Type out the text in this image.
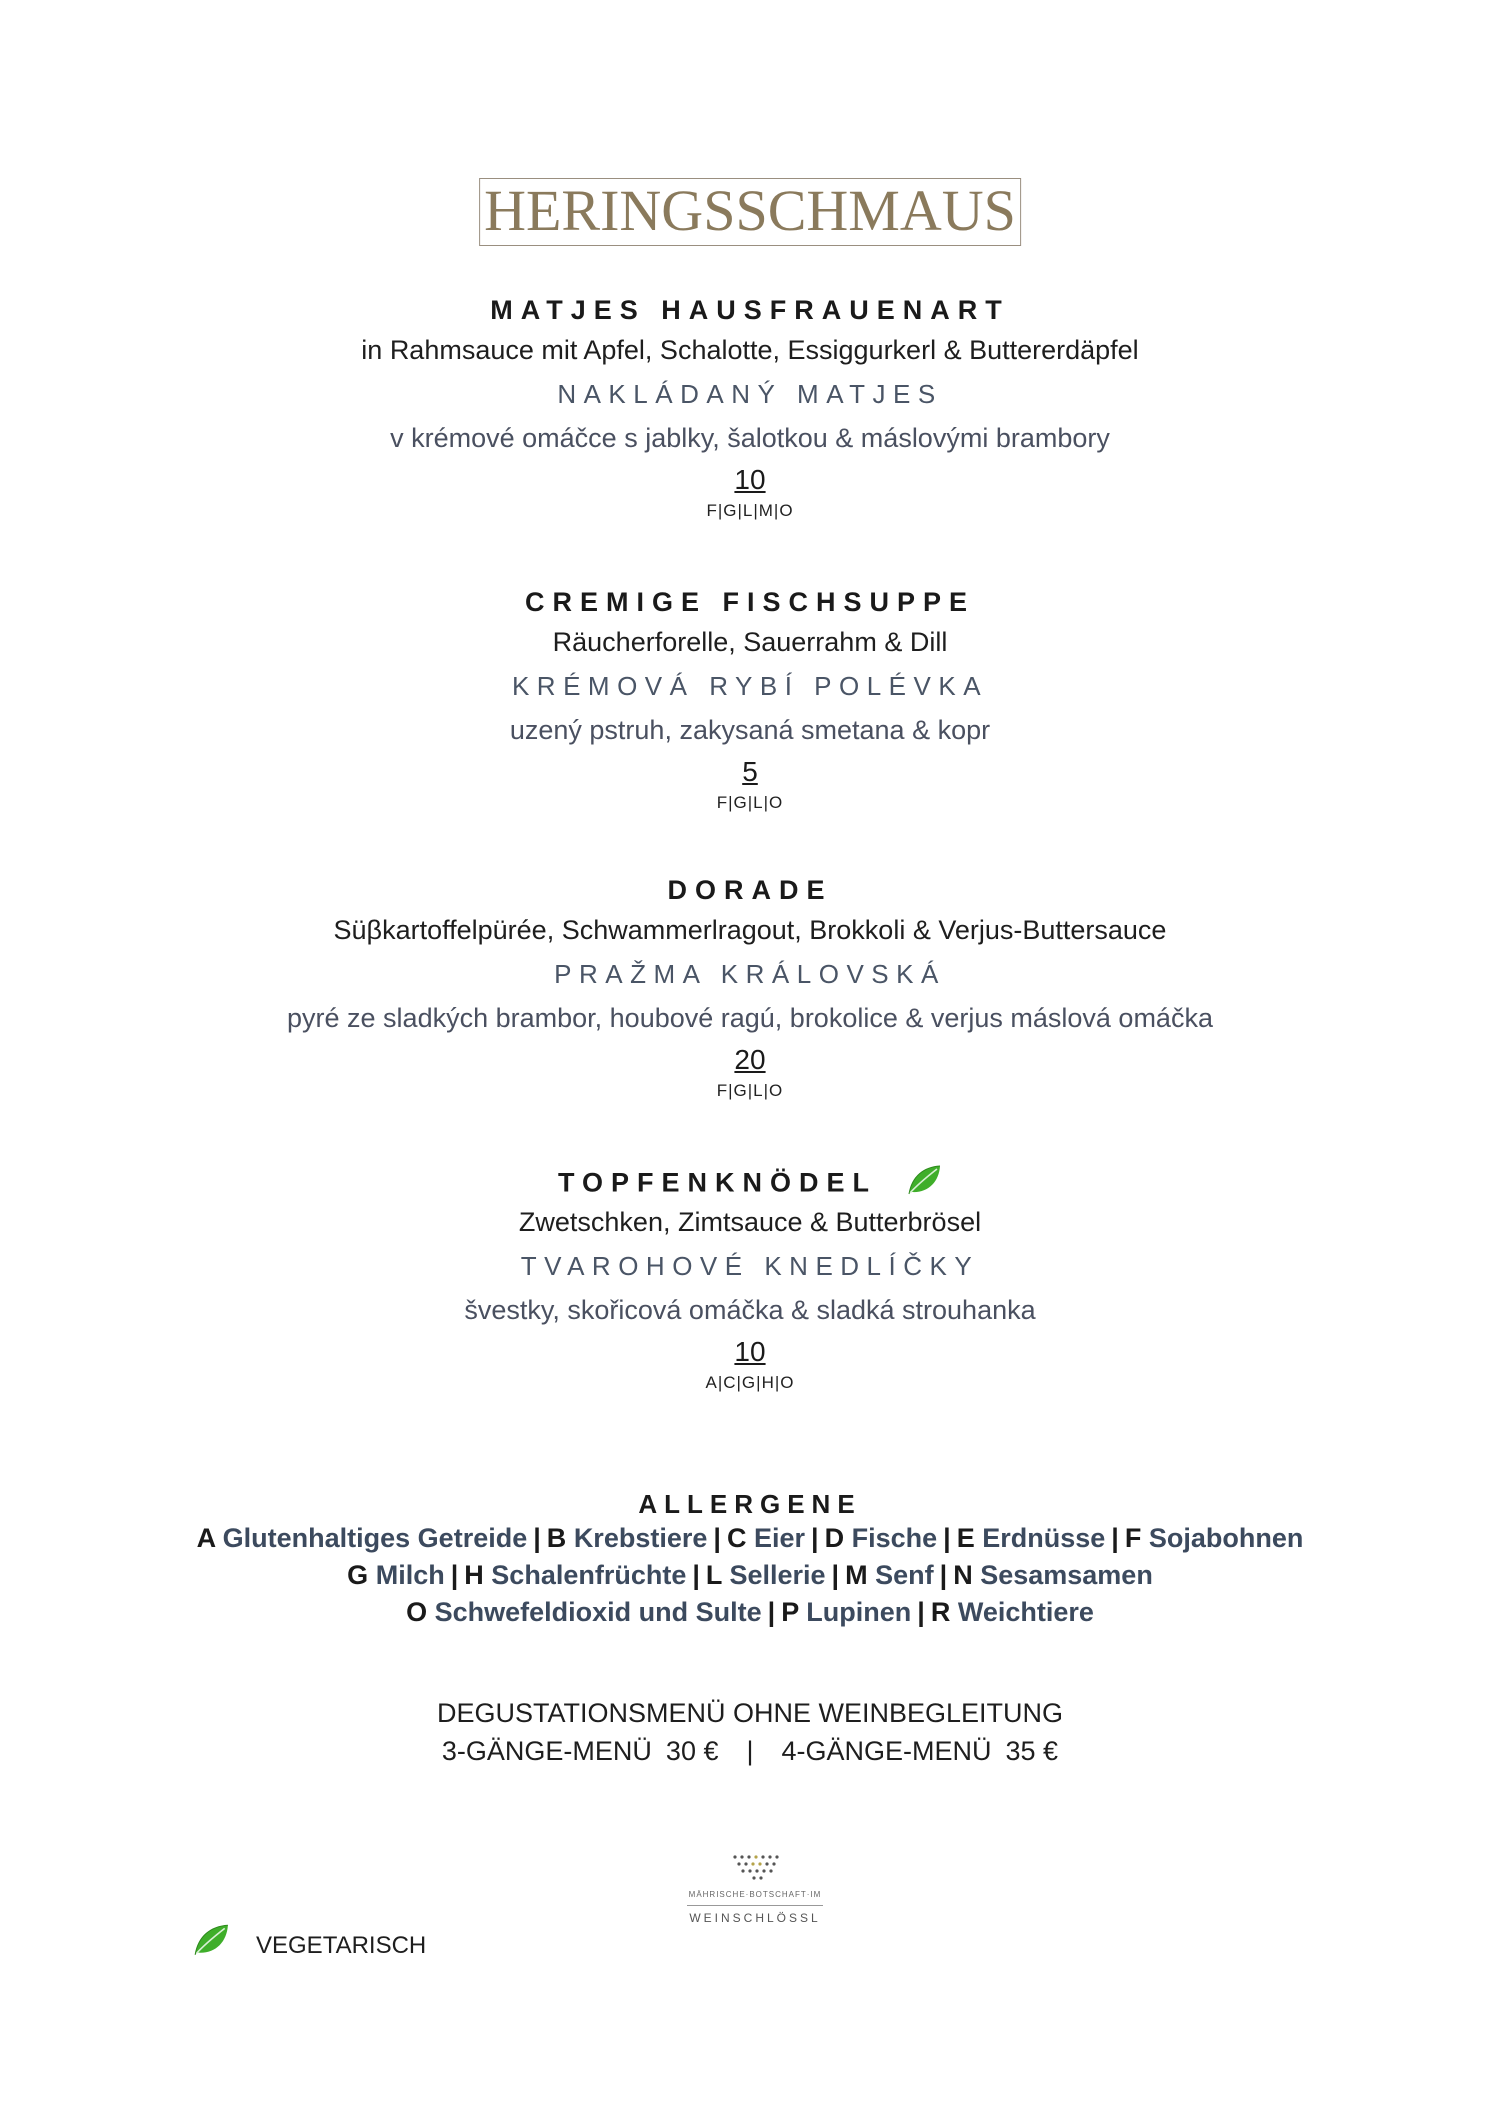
HERINGSSCHMAUS
MATJES HAUSFRAUENART
in Rahmsauce mit Apfel, Schalotte, Essiggurkerl & Buttererdäpfel
NAKLÁDANÝ MATJES
v krémové omáčce s jablky, šalotkou & máslovými brambory
10
F|G|L|M|O
CREMIGE FISCHSUPPE
Räucherforelle, Sauerrahm & Dill
KRÉMOVÁ RYBÍ POLÉVKA
uzený pstruh, zakysaná smetana & kopr
5
F|G|L|O
DORADE
Süβkartoffelpürée, Schwammerlragout, Brokkoli & Verjus-Buttersauce
PRAŽMA KRÁLOVSKÁ
pyré ze sladkých brambor, houbové ragú, brokolice & verjus máslová omáčka
20
F|G|L|O
TOPFENKNÖDEL
Zwetschken, Zimtsauce & Butterbrösel
TVAROHOVÉ KNEDLÍČKY
švestky, skořicová omáčka & sladká strouhanka
10
A|C|G|H|O
ALLERGENE
A Glutenhaltiges Getreide | B Krebstiere | C Eier | D Fische | E Erdnüsse | F Sojabohnen
G Milch | H Schalenfrüchte | L Sellerie | M Senf | N Sesamsamen
O Schwefeldioxid und Sulte | P Lupinen | R Weichtiere
DEGUSTATIONSMENÜ OHNE WEINBEGLEITUNG
3-GÄNGE-MENÜ 30 € | 4-GÄNGE-MENÜ 35 €
MÄHRISCHE·BOTSCHAFT·IM
WEINSCHLÖSSL
VEGETARISCH
